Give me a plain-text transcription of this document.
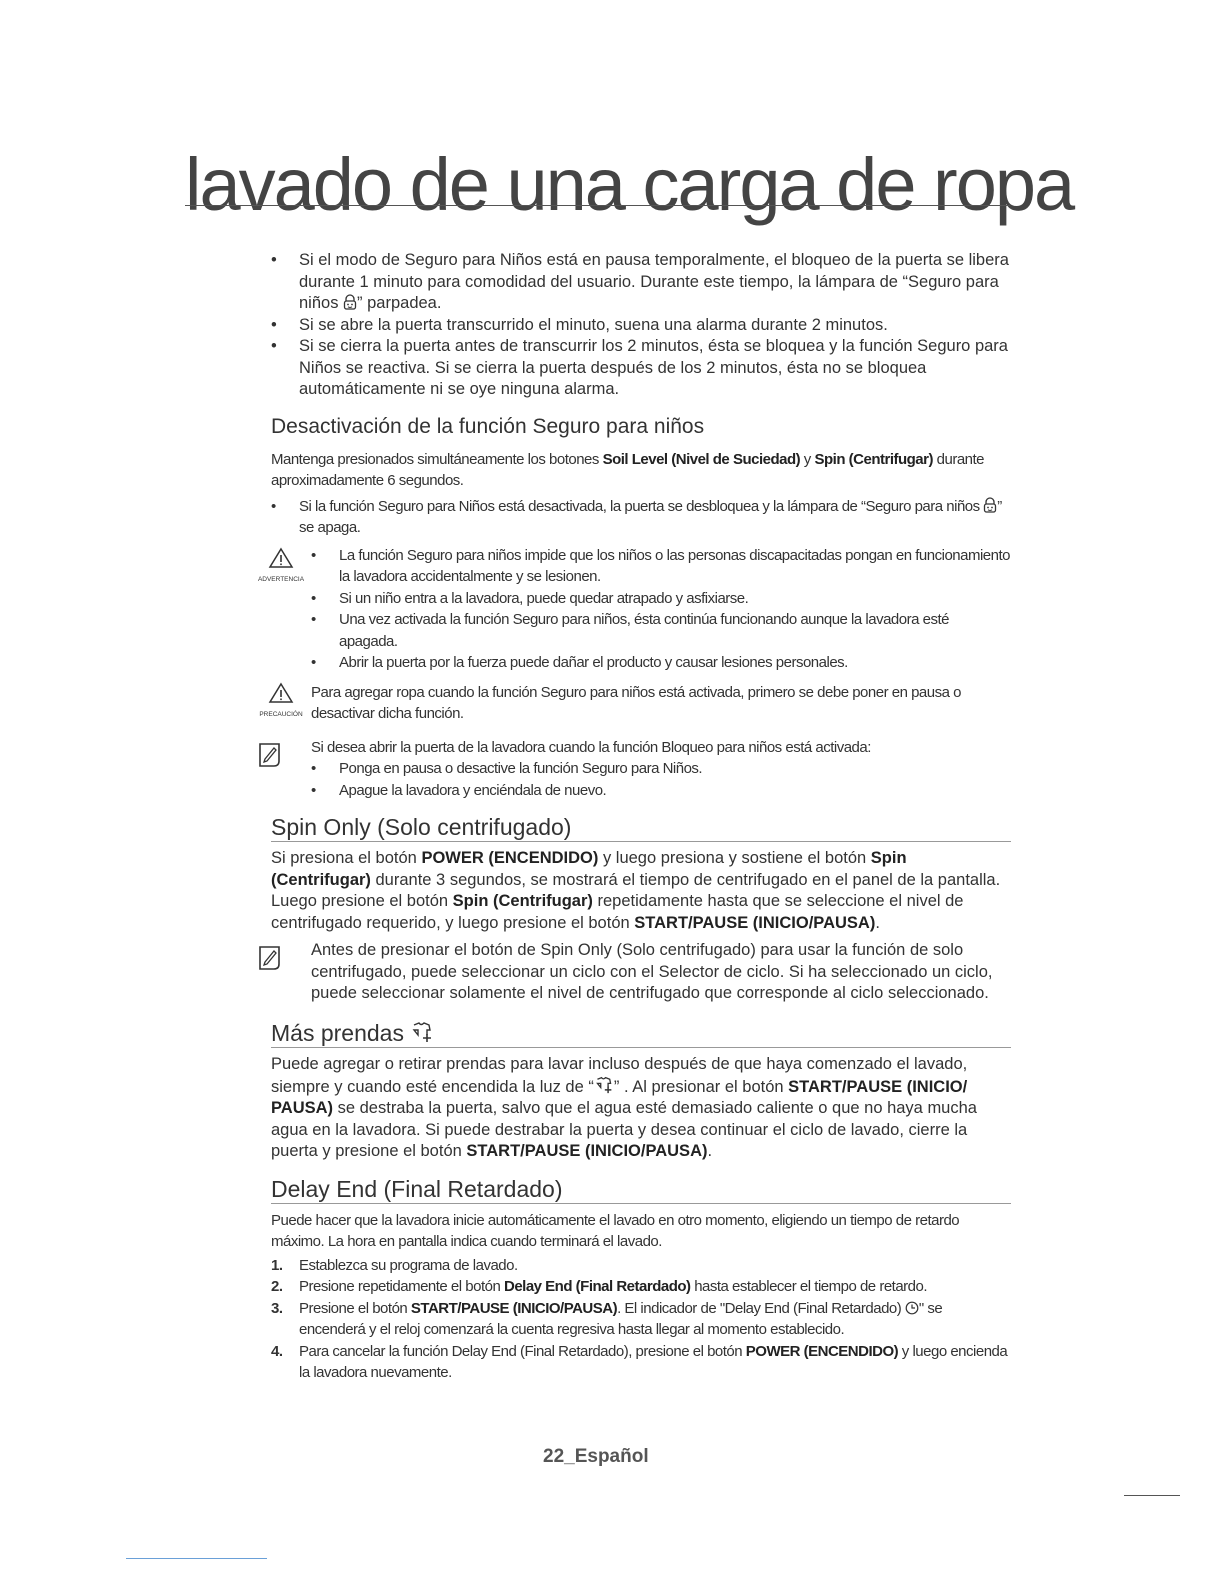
lavado de una carga de ropa
• Si el modo de Seguro para Niños está en pausa temporalmente, el bloqueo de la puerta se libera durante 1 minuto para comodidad del usuario. Durante este tiempo, la lámpara de “Seguro para niños ” parpadea.
• Si se abre la puerta transcurrido el minuto, suena una alarma durante 2 minutos.
• Si se cierra la puerta antes de transcurrir los 2 minutos, ésta se bloquea y la función Seguro para Niños se reactiva. Si se cierra la puerta después de los 2 minutos, ésta no se bloquea automáticamente ni se oye ninguna alarma.
Desactivación de la función Seguro para niños

Mantenga presionados simultáneamente los botones Soil Level (Nivel de Suciedad) y Spin (Centrifugar) durante aproximadamente 6 segundos.

• Si la función Seguro para Niños está desactivada, la puerta se desbloquea y la lámpara de “Seguro para niños ” se apaga.
ADVERTENCIA
• La función Seguro para niños impide que los niños o las personas discapacitadas pongan en funcionamiento la lavadora accidentalmente y se lesionen.
• Si un niño entra a la lavadora, puede quedar atrapado y asfixiarse.
• Una vez activada la función Seguro para niños, ésta continúa funcionando aunque la lavadora esté apagada.
• Abrir la puerta por la fuerza puede dañar el producto y causar lesiones personales.
PRECAUCIÓN

Para agregar ropa cuando la función Seguro para niños está activada, primero se debe poner en pausa o desactivar dicha función.

Si desea abrir la puerta de la lavadora cuando la función Bloqueo para niños está activada:

• Ponga en pausa o desactive la función Seguro para Niños.
• Apague la lavadora y enciéndala de nuevo.
Spin Only (Solo centrifugado)

Si presiona el botón POWER (ENCENDIDO) y luego presiona y sostiene el botón Spin (Centrifugar) durante 3 segundos, se mostrará el tiempo de centrifugado en el panel de la pantalla.

Luego presione el botón Spin (Centrifugar) repetidamente hasta que se seleccione el nivel de centrifugado requerido, y luego presione el botón START/PAUSE (INICIO/PAUSA).

Antes de presionar el botón de Spin Only (Solo centrifugado) para usar la función de solo centrifugado, puede seleccionar un ciclo con el Selector de ciclo. Si ha seleccionado un ciclo, puede seleccionar solamente el nivel de centrifugado que corresponde al ciclo seleccionado.

Más prendas

Puede agregar o retirar prendas para lavar incluso después de que haya comenzado el lavado, siempre y cuando esté encendida la luz de “ ” . Al presionar el botón START/PAUSE (INICIO/ PAUSA) se destraba la puerta, salvo que el agua esté demasiado caliente o que no haya mucha agua en la lavadora. Si puede destrabar la puerta y desea continuar el ciclo de lavado, cierre la puerta y presione el botón START/PAUSE (INICIO/PAUSA).

Delay End (Final Retardado)

Puede hacer que la lavadora inicie automáticamente el lavado en otro momento, eligiendo un tiempo de retardo máximo. La hora en pantalla indica cuando terminará el lavado.

1. Establezca su programa de lavado.
2. Presione repetidamente el botón Delay End (Final Retardado) hasta establecer el tiempo de retardo.
3. Presione el botón START/PAUSE (INICIO/PAUSA). El indicador de "Delay End (Final Retardado) " se encenderá y el reloj comenzará la cuenta regresiva hasta llegar al momento establecido.
4. Para cancelar la función Delay End (Final Retardado), presione el botón POWER (ENCENDIDO) y luego encienda la lavadora nuevamente.
22_Español
